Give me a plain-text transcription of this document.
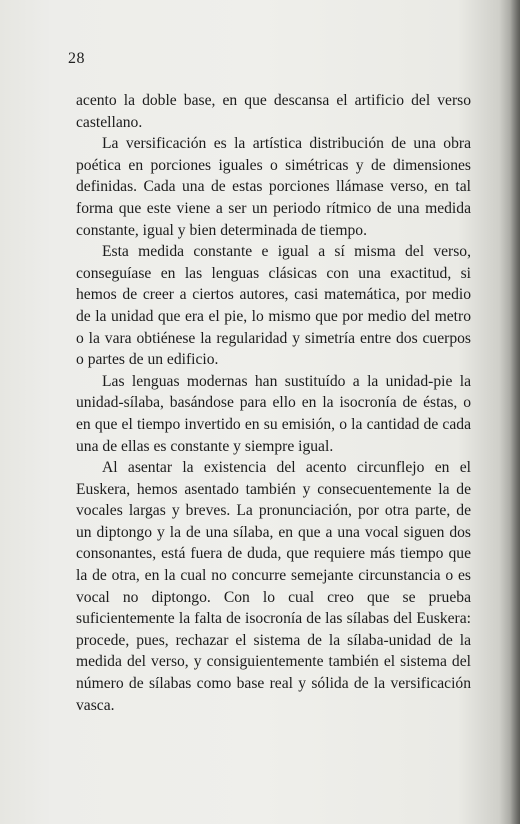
28

acento la doble base, en que descansa el artificio del verso castellano.

La versificación es la artística distribución de una obra poética en porciones iguales o simétricas y de dimensiones definidas. Cada una de estas porciones llámase verso, en tal forma que este viene a ser un periodo rítmico de una medida constante, igual y bien determinada de tiempo.

Esta medida constante e igual a sí misma del verso, conseguíase en las lenguas clásicas con una exactitud, si hemos de creer a ciertos autores, casi matemática, por medio de la unidad que era el pie, lo mismo que por medio del metro o la vara obtiénese la regularidad y simetría entre dos cuerpos o partes de un edificio.

Las lenguas modernas han sustituído a la unidad-pie la unidad-sílaba, basándose para ello en la isocronía de éstas, o en que el tiempo invertido en su emisión, o la cantidad de cada una de ellas es constante y siempre igual.

Al asentar la existencia del acento circunflejo en el Euskera, hemos asentado también y consecuentemente la de vocales largas y breves. La pronunciación, por otra parte, de un diptongo y la de una sílaba, en que a una vocal siguen dos consonantes, está fuera de duda, que requiere más tiempo que la de otra, en la cual no concurre semejante circunstancia o es vocal no diptongo. Con lo cual creo que se prueba suficientemente la falta de isocronía de las sílabas del Euskera: procede, pues, rechazar el sistema de la sílaba-unidad de la medida del verso, y consiguientemente también el sistema del número de sílabas como base real y sólida de la versificación vasca.
